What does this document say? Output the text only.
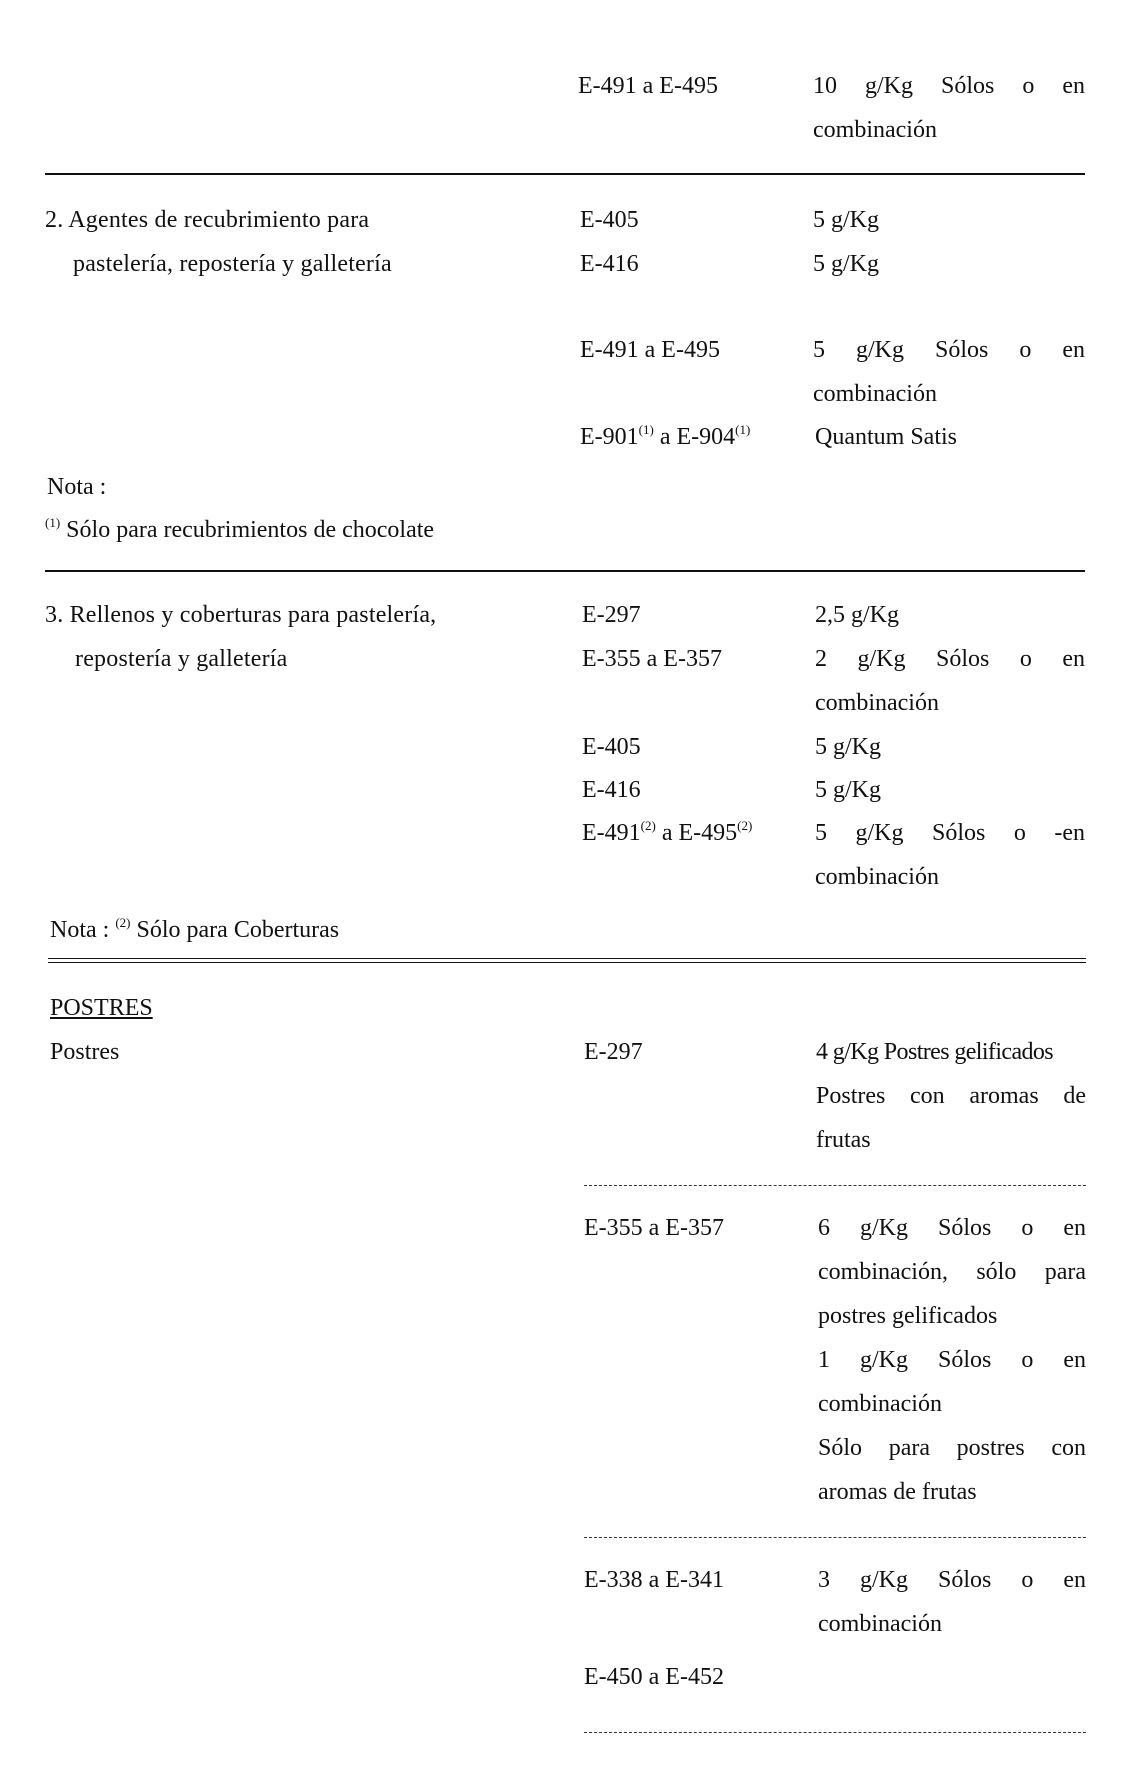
E-491 a E-495	10 g/Kg Sólos o en
combinación
2. Agentes de recubrimiento para
pastelería, repostería y galletería
E-405	5 g/Kg
E-416	5 g/Kg
E-491 a E-495	5 g/Kg Sólos o en
combinación
E-901$^{(1)}$ a E-904$^{(1)}$	Quantum Satis
Nota :
$^{(1)}$ Sólo para recubrimientos de chocolate
3. Rellenos y coberturas para pastelería,
repostería y galletería
E-297	2,5 g/Kg
E-355 a E-357	2 g/Kg Sólos o en
combinación
E-405	5 g/Kg
E-416	5 g/Kg
E-491$^{(2)}$ a E-495$^{(2)}$	5 g/Kg Sólos o -en
combinación
Nota : $^{(2)}$ Sólo para Coberturas
POSTRES
Postres	E-297	4 g/Kg Postres gelificados
Postres con aromas de
frutas
E-355 a E-357	6 g/Kg Sólos o en
combinación, sólo para
postres gelificados
1 g/Kg Sólos o en
combinación
Sólo para postres con
aromas de frutas
E-338 a E-341	3 g/Kg Sólos o en
combinación
E-450 a E-452
